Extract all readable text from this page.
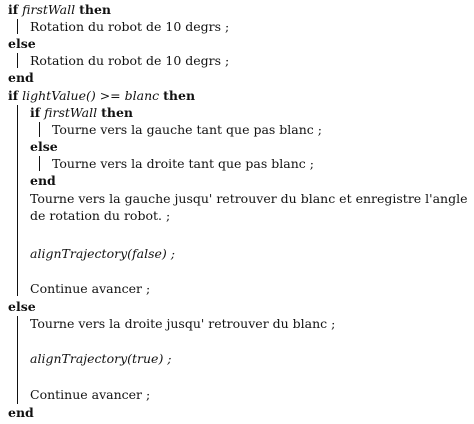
if firstWall then
Rotation du robot de 10 degrs ;
else
Rotation du robot de 10 degrs ;
end
if lightValue() >= blanc then
if firstWall then
Tourne vers la gauche tant que pas blanc ;
else
Tourne vers la droite tant que pas blanc ;
end
Tourne vers la gauche jusqu' retrouver du blanc et enregistre l'angle
de rotation du robot. ;
alignTrajectory(false) ;
Continue avancer ;
else
Tourne vers la droite jusqu' retrouver du blanc ;
alignTrajectory(true) ;
Continue avancer ;
end
